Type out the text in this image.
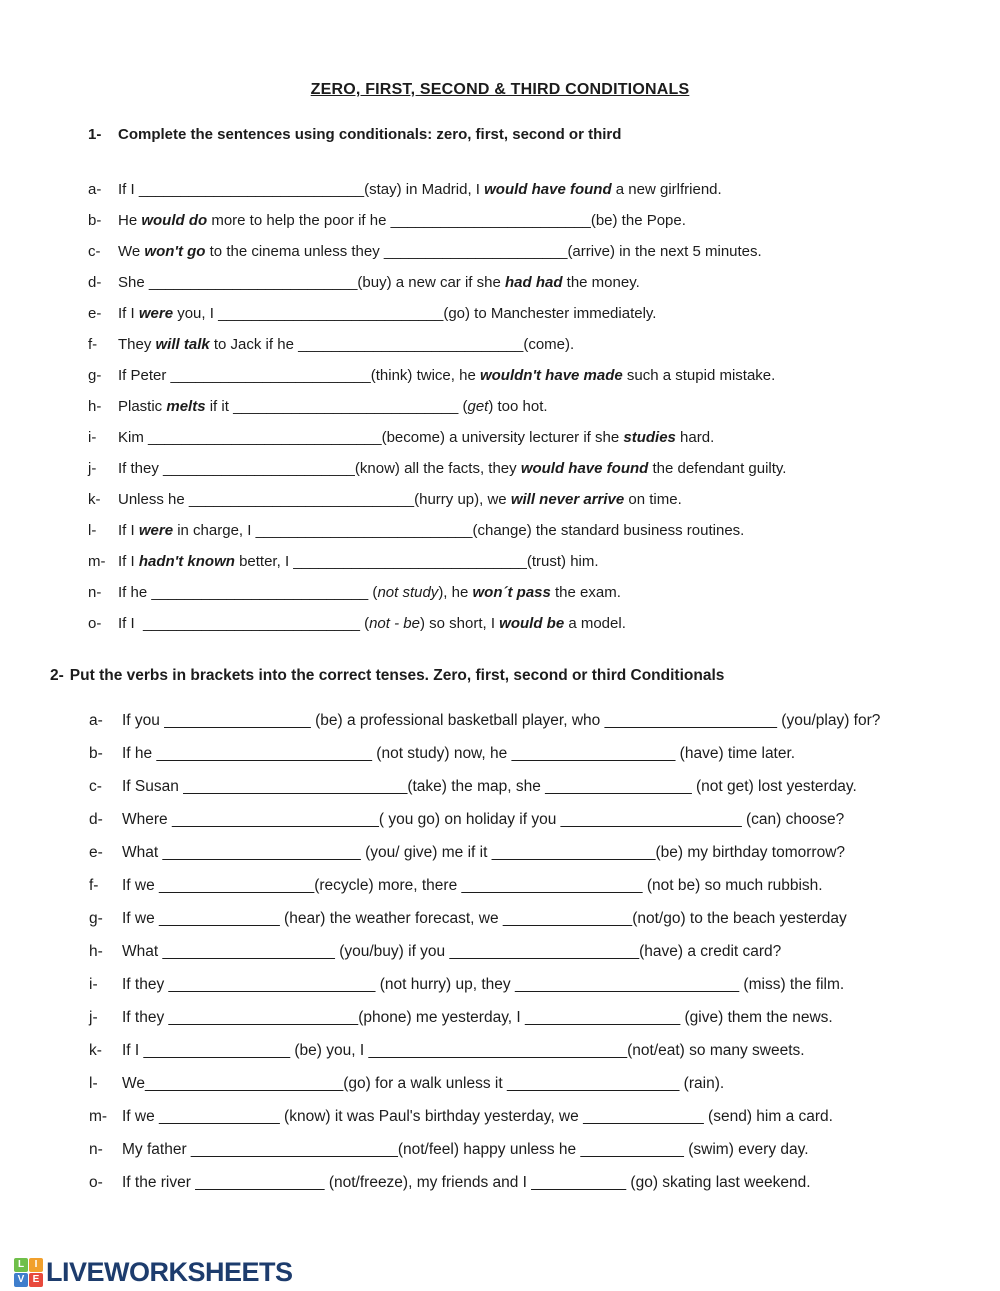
ZERO, FIRST, SECOND & THIRD CONDITIONALS
1- Complete the sentences using conditionals: zero, first, second or third
a- If I ___________________________(stay) in Madrid, I would have found a new girlfriend.
b- He would do more to help the poor if he ________________________(be) the Pope.
c- We won't go to the cinema unless they ______________________(arrive) in the next 5 minutes.
d- She _________________________(buy) a new car if she had had the money.
e- If I were you, I ___________________________(go) to Manchester immediately.
f- They will talk to Jack if he ___________________________(come).
g- If Peter ________________________(think) twice, he wouldn't have made such a stupid mistake.
h- Plastic melts if it ___________________________ (get) too hot.
i- Kim ____________________________(become) a university lecturer if she studies hard.
j- If they _______________________(know) all the facts, they would have found the defendant guilty.
k- Unless he ___________________________(hurry up), we will never arrive on time.
l- If I were in charge, I __________________________(change) the standard business routines.
m- If I hadn't known better, I ____________________________(trust) him.
n- If he __________________________ (not study), he won´t pass the exam.
o- If I  __________________________ (not - be) so short, I would be a model.
2- Put the verbs in brackets into the correct tenses. Zero, first, second or third Conditionals
a- If you _________________ (be) a professional basketball player, who ____________________ (you/play) for?
b- If he _________________________ (not study) now, he ___________________ (have) time later.
c- If Susan __________________________(take) the map, she _________________ (not get) lost yesterday.
d- Where ________________________( you go) on holiday if you _____________________ (can) choose?
e- What _______________________ (you/ give) me if it ___________________(be) my birthday tomorrow?
f- If we __________________(recycle) more, there _____________________ (not be) so much rubbish.
g- If we ______________ (hear) the weather forecast, we _______________(not/go) to the beach yesterday
h- What ____________________ (you/buy) if you ______________________(have) a credit card?
i- If they ________________________ (not hurry) up, they __________________________ (miss) the film.
j- If they ______________________(phone) me yesterday, I __________________ (give) them the news.
k- If I _________________ (be) you, I ______________________________(not/eat) so many sweets.
l- We_______________________(go) for a walk unless it ____________________ (rain).
m- If we ______________ (know) it was Paul's birthday yesterday, we ______________ (send) him a card.
n- My father ________________________(not/feel) happy unless he ____________ (swim) every day.
o- If the river _______________ (not/freeze), my friends and I ___________ (go) skating last weekend.
L	I
V E LIVEWORKSHEETS
